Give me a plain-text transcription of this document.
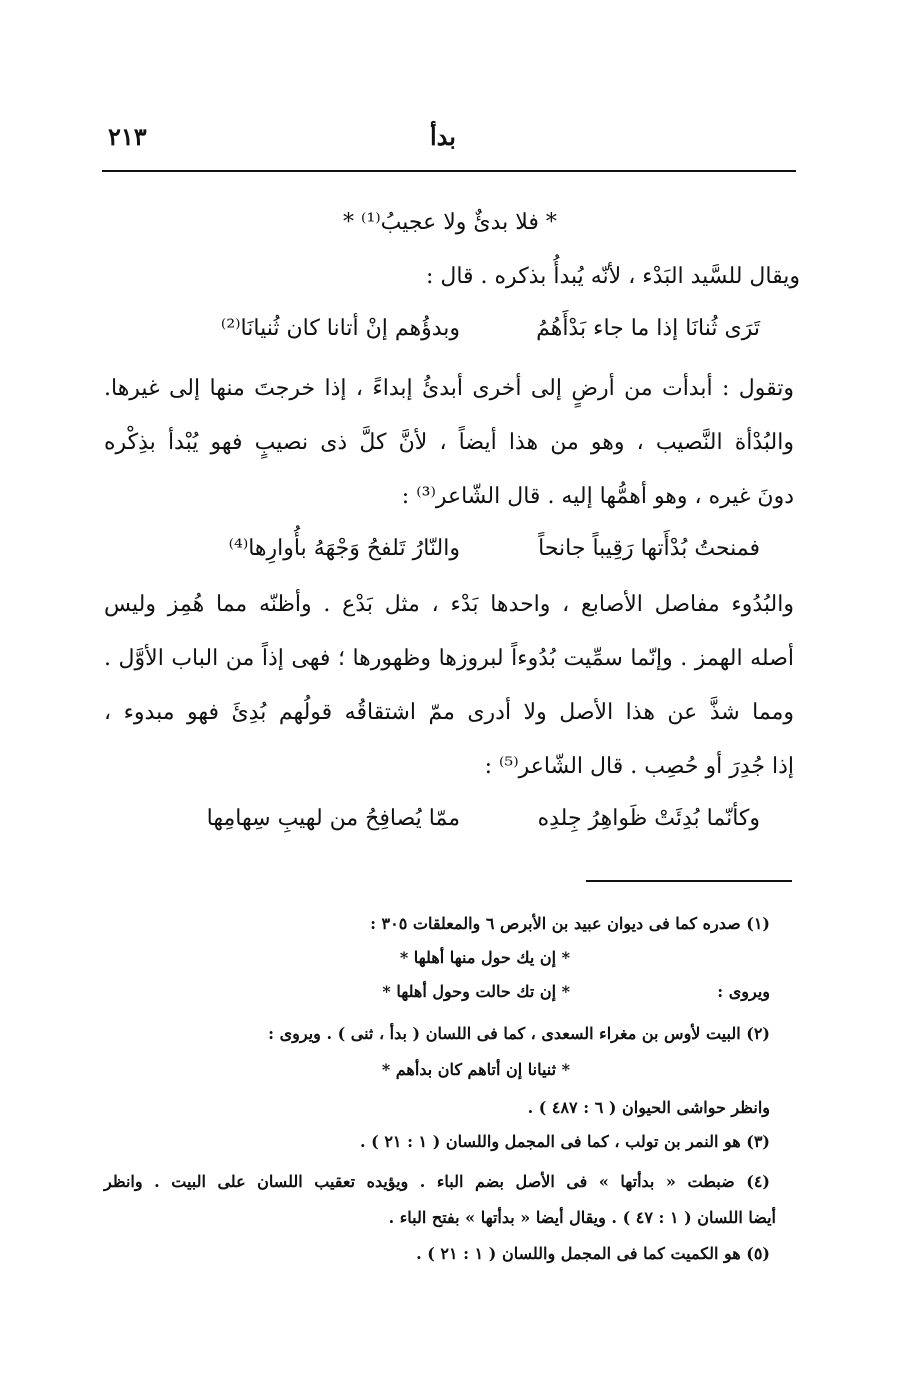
٢١٣	بدأ
* فلا بدئٌ ولا عجيبُ⁽¹⁾ *
ويقال للسَّيد البَدْء ، لأنّه يُبدأُ بذكره . قال :
تَرَى ثُنانَا إذا ما جاء بَدْأَهُمُ
وبدؤُهم إنْ أتانا كان ثُنيانَا⁽²⁾
وتقول : أبدأت من أرضٍ إلى أخرى أبدئُ إبداءً ، إذا خرجتَ منها إلى غيرها.
والبُدْأة النَّصيب ، وهو من هذا أيضاً ، لأنَّ كلَّ ذى نصيبٍ فهو يُبْدأ بذِكْره
دونَ غيره ، وهو أهمُّها إليه . قال الشّاعر⁽³⁾ :
فمنحتُ بُدْأَتها رَقِيباً جانحاً
والنّارُ تَلفحُ وَجْهَهُ بأُوارِها⁽⁴⁾
والبُدُوء مفاصل الأصابع ، واحدها بَدْء ، مثل بَدْع . وأظنّه مما هُمِز وليس
أصله الهمز . وإنّما سمِّيت بُدُوءاً لبروزها وظهورها ؛ فهى إذاً من الباب الأوَّل .
ومما شذَّ عن هذا الأصل ولا أدرى ممّ اشتقاقُه قولُهم بُدِئَ فهو مبدوء ،
إذا جُدِرَ أو حُصِب . قال الشّاعر⁽⁵⁾ :
وكأنّما بُدِئَتْ ظَواهِرُ جِلدِه
ممّا يُصافِحُ من لهيبِ سِهامِها
(١) صدره كما فى ديوان عبيد بن الأبرص ٦ والمعلقات ٣٠٥ :
* إن يك حول منها أهلها *
ويروى :
* إن تك حالت وحول أهلها *
(٢) البيت لأوس بن مغراء السعدى ، كما فى اللسان ( بدأ ، ثنى ) . ويروى :
* ثنيانا إن أتاهم كان بدأهم *
وانظر حواشى الحيوان ( ٦ : ٤٨٧ ) .
(٣) هو النمر بن تولب ، كما فى المجمل واللسان ( ١ : ٢١ ) .
(٤) ضبطت « بدأتها » فى الأصل بضم الباء . ويؤيده تعقيب اللسان على البيت . وانظر
أيضا اللسان ( ١ : ٤٧ ) . ويقال أيضا « بدأتها » بفتح الباء .
(٥) هو الكميت كما فى المجمل واللسان ( ١ : ٢١ ) .
